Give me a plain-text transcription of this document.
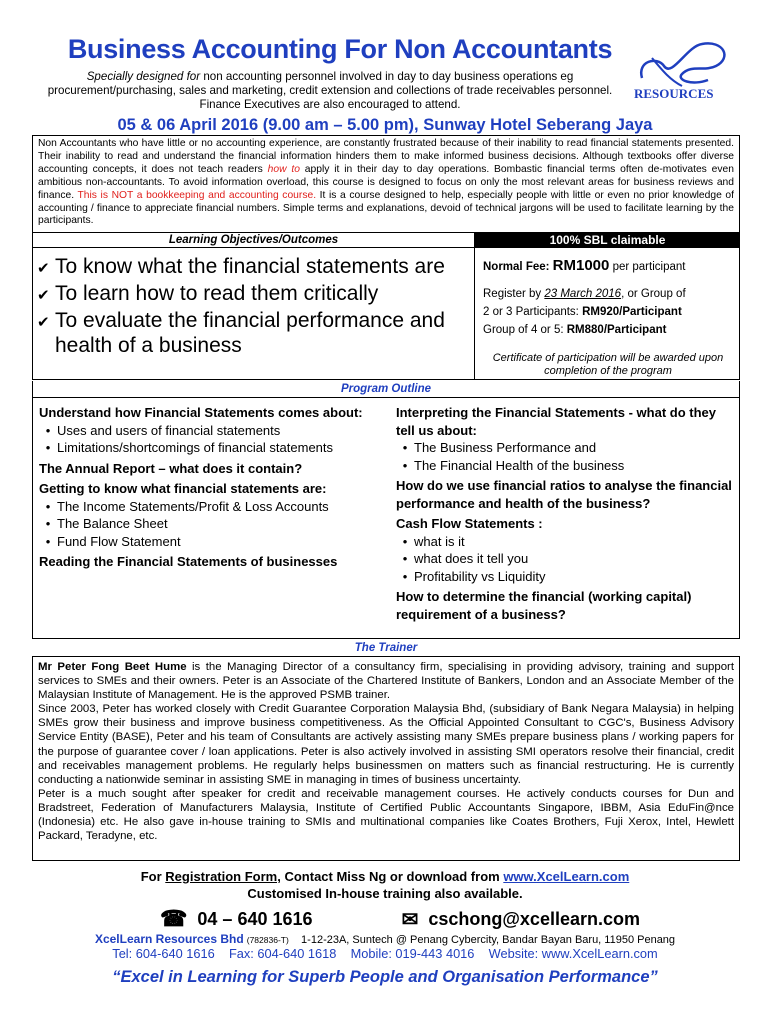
Business Accounting For Non Accountants
Specially designed for non accounting personnel involved in day to day business operations eg procurement/purchasing, sales and marketing, credit extension and collections of trade receivables personnel. Finance Executives are also encouraged to attend.
RESOURCES
05 & 06 April 2016 (9.00 am – 5.00 pm), Sunway Hotel Seberang Jaya
Non Accountants who have little or no accounting experience, are constantly frustrated because of their inability to read financial statements presented. Their inability to read and understand the financial information hinders them to make informed business decisions. Although textbooks offer diverse accounting concepts, it does not teach readers how to apply it in their day to day operations. Bombastic financial terms often de-motivates even ambitious non-accountants. To avoid information overload, this course is designed to focus on only the most relevant areas for business reviews and finance. This is NOT a bookkeeping and accounting course. It is a course designed to help, especially people with little or even no prior knowledge of accounting / finance to appreciate financial numbers. Simple terms and explanations, devoid of technical jargons will be used to facilitate learning by the participants.
Learning Objectives/Outcomes	100% SBL claimable
✔ To know what the financial statements are
✔ To learn how to read them critically
✔ To evaluate the financial performance and health of a business
Normal Fee: RM1000 per participant
Register by 23 March 2016, or Group of
2 or 3 Participants: RM920/Participant
Group of 4 or 5: RM880/Participant
Certificate of participation will be awarded upon completion of the program
Program Outline
Understand how Financial Statements comes about:
• Uses and users of financial statements
• Limitations/shortcomings of financial statements
The Annual Report – what does it contain?
Getting to know what financial statements are:
• The Income Statements/Profit & Loss Accounts
• The Balance Sheet
• Fund Flow Statement
Reading the Financial Statements of businesses
Interpreting the Financial Statements - what do they tell us about:
• The Business Performance and
• The Financial Health of the business
How do we use financial ratios to analyse the financial performance and health of the business?
Cash Flow Statements :
• what is it
• what does it tell you
• Profitability vs Liquidity
How to determine the financial (working capital) requirement of a business?
The Trainer
Mr Peter Fong Beet Hume is the Managing Director of a consultancy firm, specialising in providing advisory, training and support services to SMEs and their owners. Peter is an Associate of the Chartered Institute of Bankers, London and an Associate Member of the Malaysian Institute of Management. He is the approved PSMB trainer.
Since 2003, Peter has worked closely with Credit Guarantee Corporation Malaysia Bhd, (subsidiary of Bank Negara Malaysia) in helping SMEs grow their business and improve business competitiveness. As the Official Appointed Consultant to CGC's, Business Advisory Service Entity (BASE), Peter and his team of Consultants are actively assisting many SMEs prepare business plans / working papers for the purpose of guarantee cover / loan applications. Peter is also actively involved in assisting SMI operators resolve their financial, credit and receivables management problems. He regularly helps businessmen on matters such as financial restructuring. He is currently conducting a nationwide seminar in assisting SME in managing in times of business uncertainty.
Peter is a much sought after speaker for credit and receivable management courses. He actively conducts courses for Dun and Bradstreet, Federation of Manufacturers Malaysia, Institute of Certified Public Accountants Singapore, IBBM, Asia EduFin@nce (Indonesia) etc. He also gave in-house training to SMIs and multinational companies like Coates Brothers, Fuji Xerox, Intel, Hewlett Packard, Teradyne, etc.
For Registration Form, Contact Miss Ng or download from www.XcelLearn.com
Customised In-house training also available.
☎ 04 – 640 1616	✉ cschong@xcellearn.com
XcelLearn Resources Bhd (782836-T) 1-12-23A, Suntech @ Penang Cybercity, Bandar Bayan Baru, 11950 Penang
Tel: 604-640 1616    Fax: 604-640 1618    Mobile: 019-443 4016    Website: www.XcelLearn.com
“Excel in Learning for Superb People and Organisation Performance”
